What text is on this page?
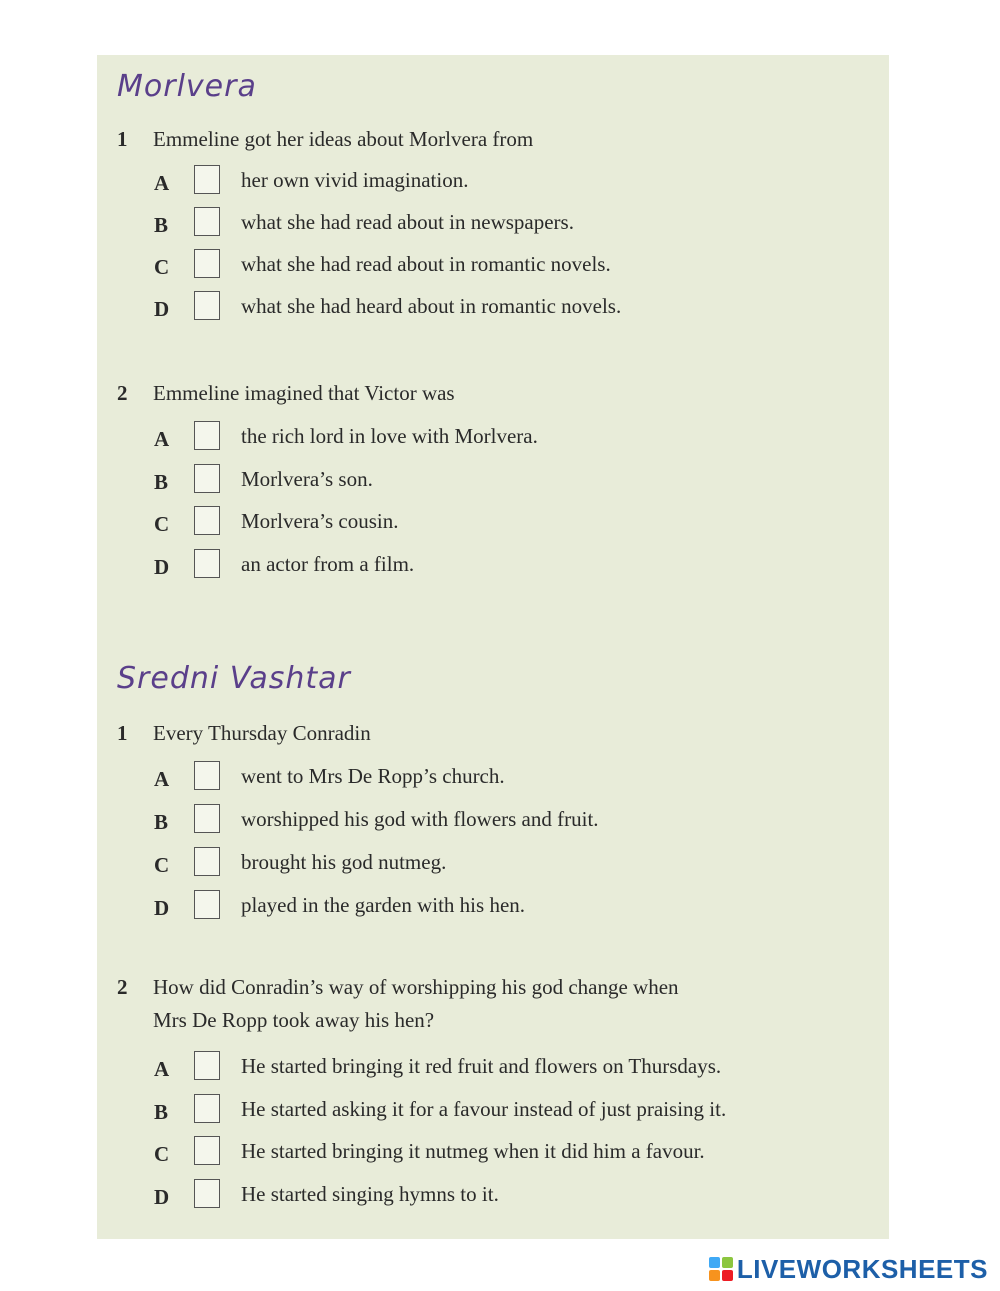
Morlvera
1 Emmeline got her ideas about Morlvera from
A	her own vivid imagination.
B	what she had read about in newspapers.
C	what she had read about in romantic novels.
D	what she had heard about in romantic novels.
2 Emmeline imagined that Victor was
A	the rich lord in love with Morlvera.
B	Morlvera’s son.
C	Morlvera’s cousin.
D	an actor from a film.
Sredni Vashtar
1 Every Thursday Conradin
A	went to Mrs De Ropp’s church.
B	worshipped his god with flowers and fruit.
C	brought his god nutmeg.
D	played in the garden with his hen.
2 How did Conradin’s way of worshipping his god change when
Mrs De Ropp took away his hen?
A	He started bringing it red fruit and flowers on Thursdays.
B	He started asking it for a favour instead of just praising it.
C	He started bringing it nutmeg when it did him a favour.
D	He started singing hymns to it.
LIVEWORKSHEETS
